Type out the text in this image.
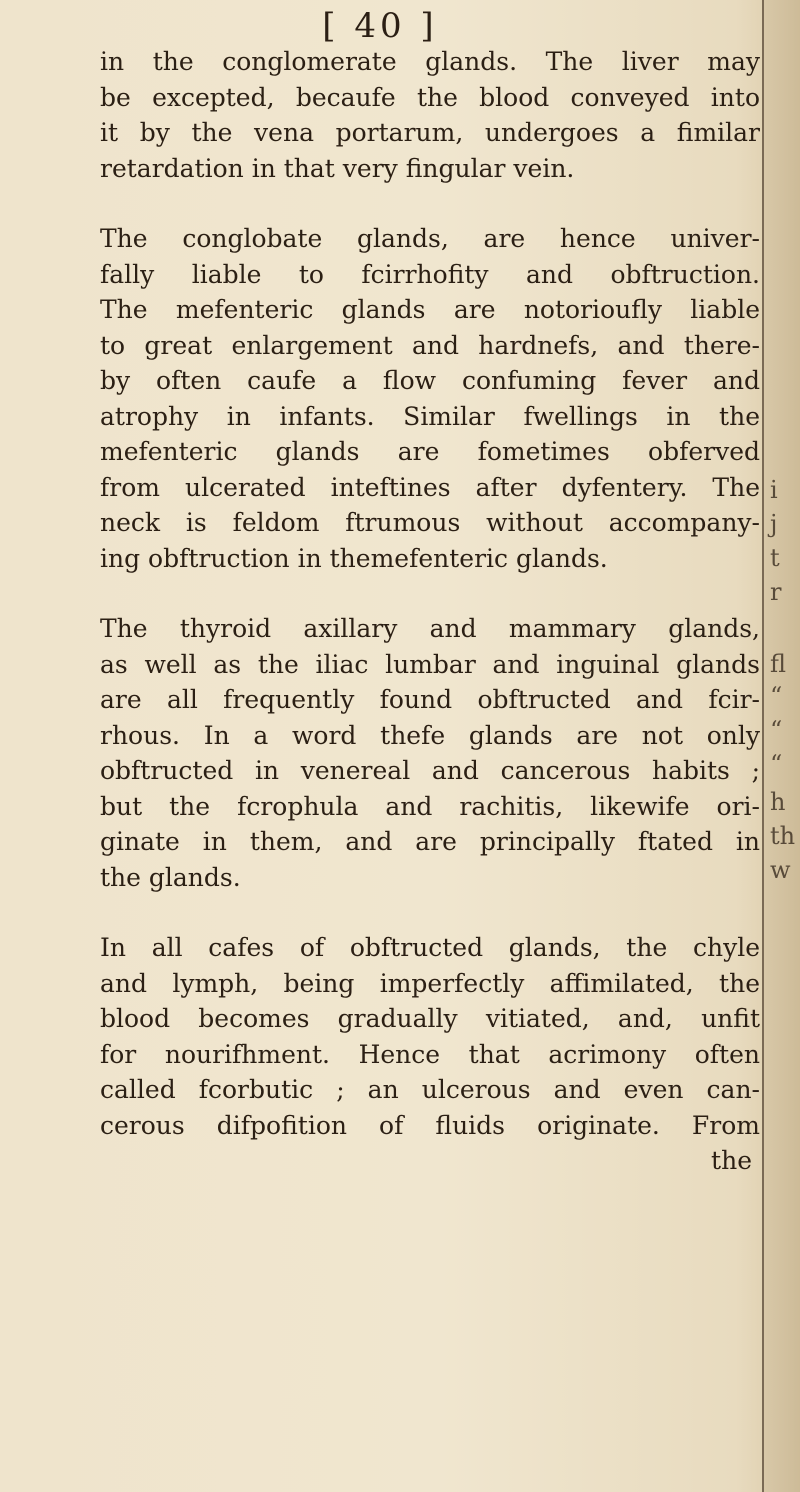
[ 40 ]

in the conglomerate glands. The liver may
be excepted, becaufe the blood conveyed into
it by the vena portarum, undergoes a fimilar
retardation in that very fingular vein.

The conglobate glands, are hence univer-
fally liable to fcirrhofity and obftruction.
The mefenteric glands are notorioufly liable
to great enlargement and hardnefs, and there-
by often caufe a flow confuming fever and
atrophy in infants. Similar fwellings in the
mefenteric glands are fometimes obferved
from ulcerated inteftines after dyfentery. The
neck is feldom ftrumous without accompany-
ing obftruction in themefenteric glands.

The thyroid axillary and mammary glands,
as well as the iliac lumbar and inguinal glands
are all frequently found obftructed and fcir-
rhous. In a word thefe glands are not only
obftructed in venereal and cancerous habits ;
but the fcrophula and rachitis, likewife ori-
ginate in them, and are principally ftated in
the glands.

In all cafes of obftructed glands, the chyle
and lymph, being imperfectly affimilated, the
blood becomes gradually vitiated, and, unfit
for nourifhment. Hence that acrimony often
called fcorbutic ; an ulcerous and even can-
cerous difpofition of fluids originate. From
the

i
j
t
r
fl
“
“
“
h
th
w
